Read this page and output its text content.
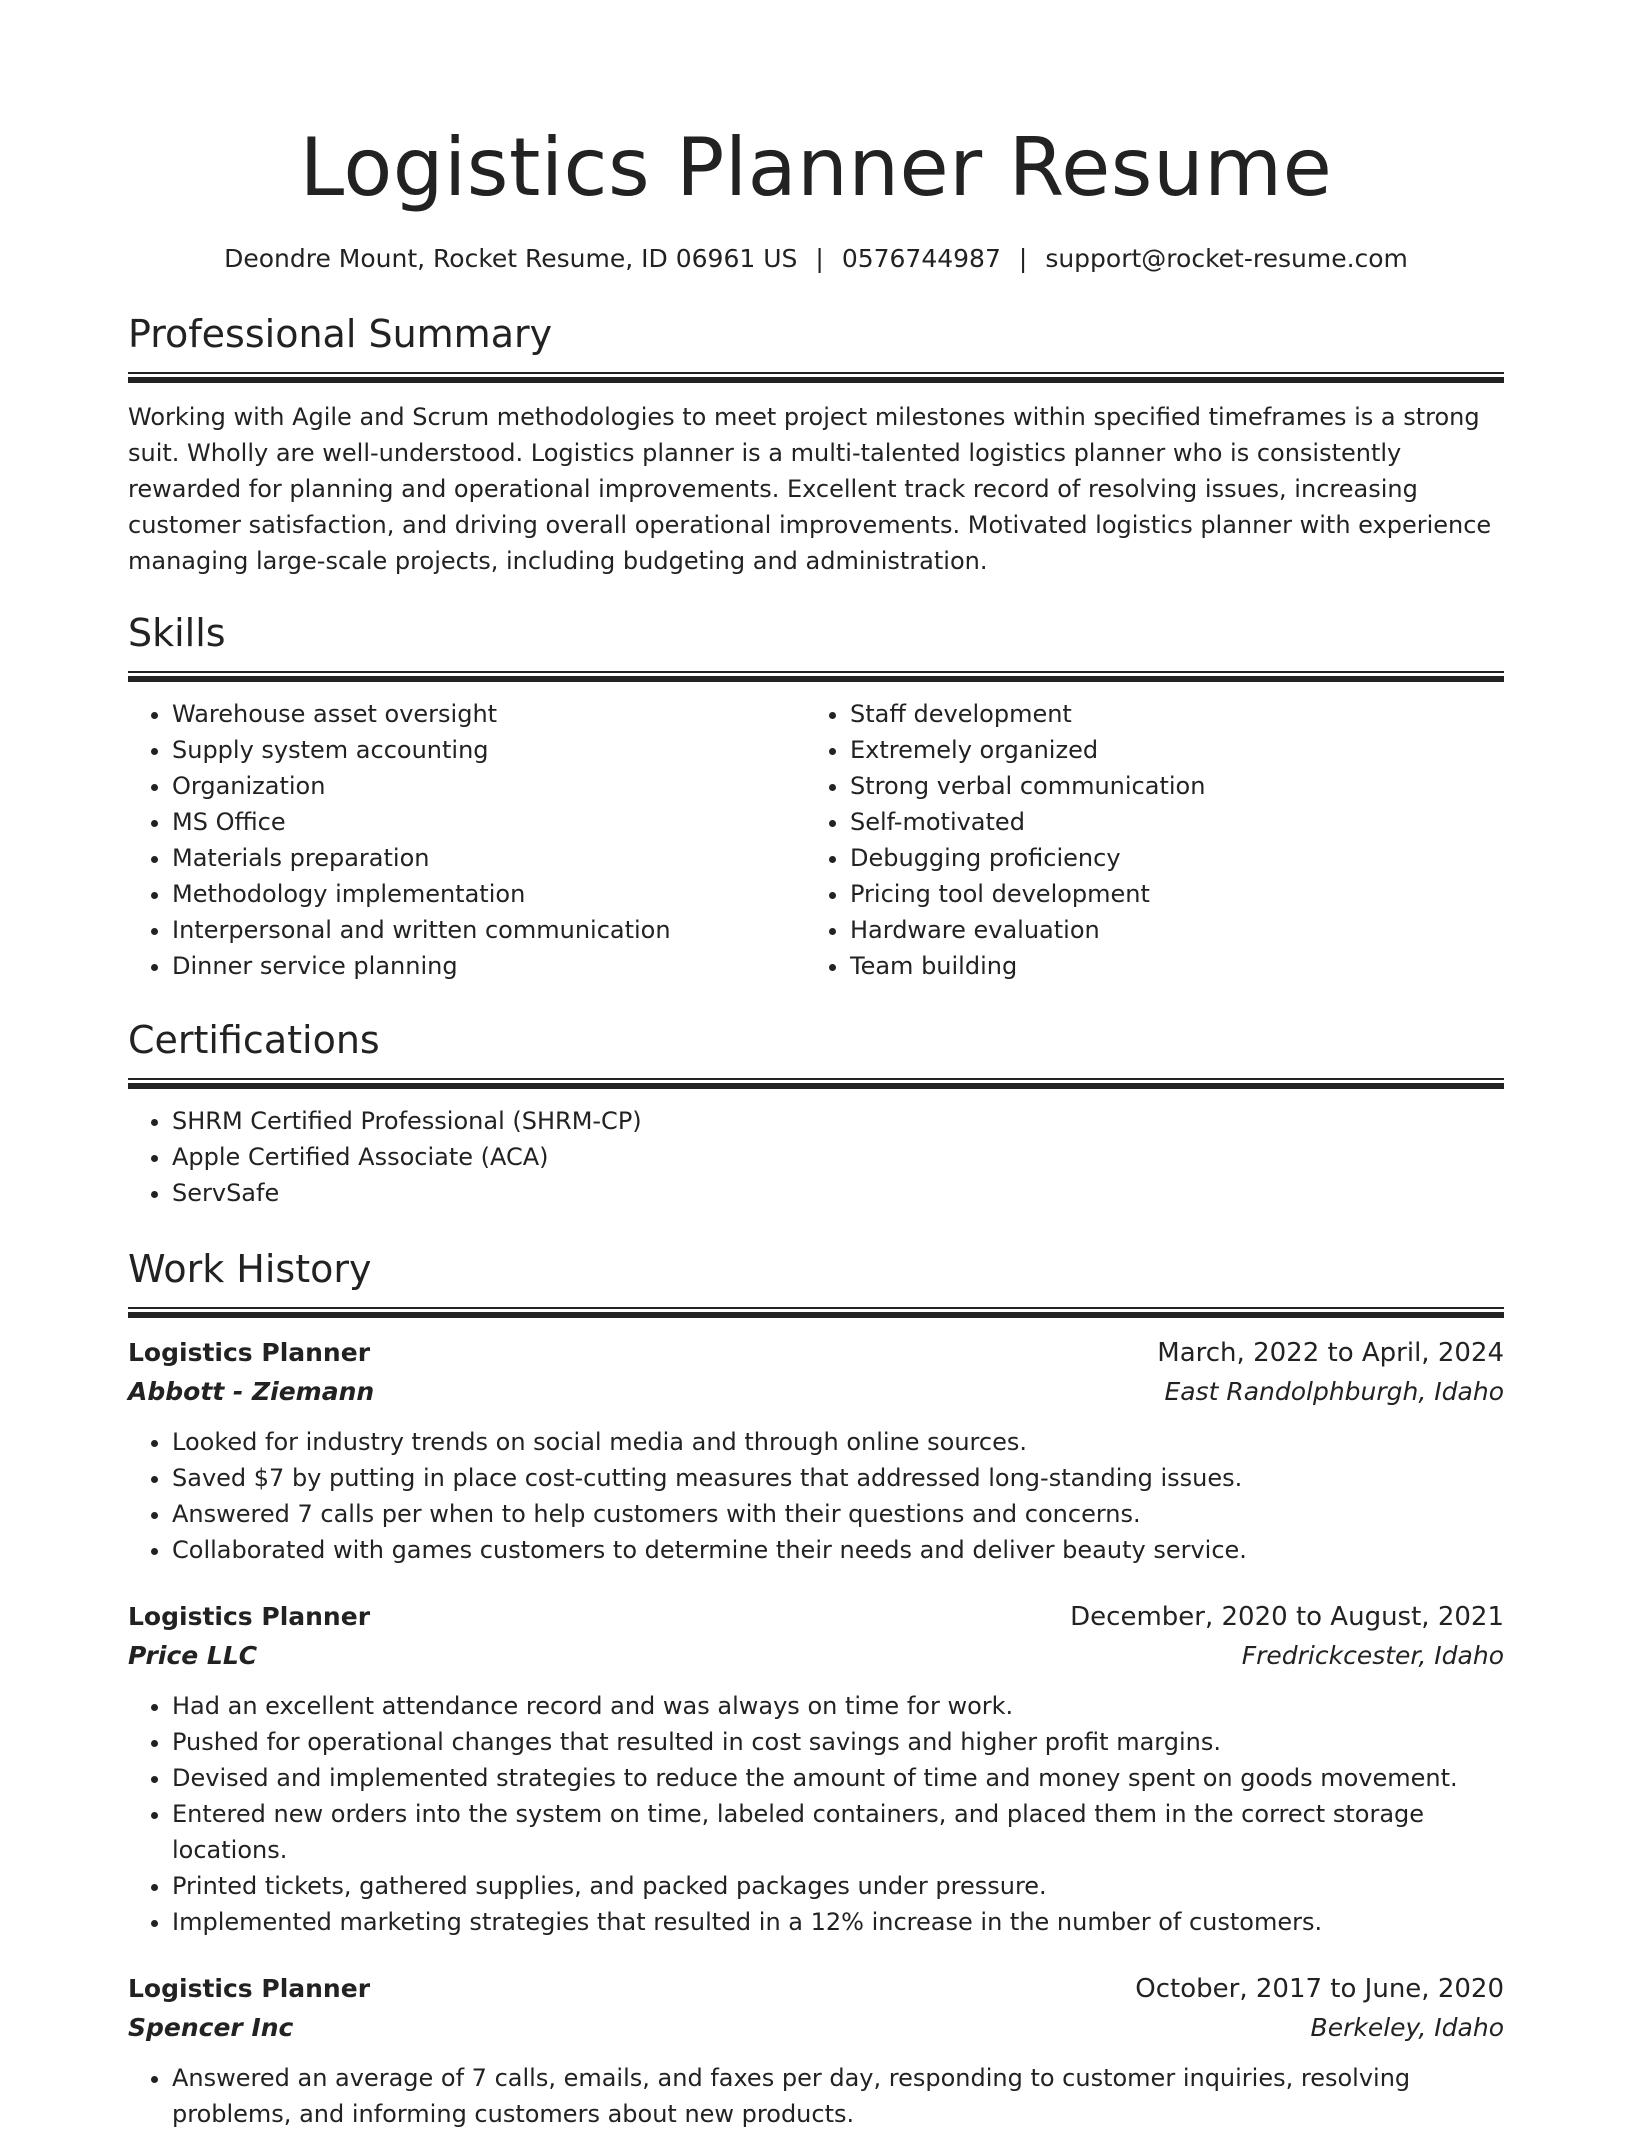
Logistics Planner Resume
Deondre Mount, Rocket Resume, ID 06961 US | 0576744987 | support@rocket-resume.com
Professional Summary

Working with Agile and Scrum methodologies to meet project milestones within specified timeframes is a strong suit. Wholly are well-understood. Logistics planner is a multi-talented logistics planner who is consistently rewarded for planning and operational improvements. Excellent track record of resolving issues, increasing customer satisfaction, and driving overall operational improvements. Motivated logistics planner with experience managing large-scale projects, including budgeting and administration.

Skills
• Warehouse asset oversight
• Supply system accounting
• Organization
• MS Office
• Materials preparation
• Methodology implementation
• Interpersonal and written communication
• Dinner service planning
• Staff development
• Extremely organized
• Strong verbal communication
• Self-motivated
• Debugging proficiency
• Pricing tool development
• Hardware evaluation
• Team building
Certifications
• SHRM Certified Professional (SHRM-CP)
• Apple Certified Associate (ACA)
• ServSafe
Work History
Logistics Planner	March, 2022 to April, 2024
Abbott - Ziemann	East Randolphburgh, Idaho
• Looked for industry trends on social media and through online sources.
• Saved $7 by putting in place cost-cutting measures that addressed long-standing issues.
• Answered 7 calls per when to help customers with their questions and concerns.
• Collaborated with games customers to determine their needs and deliver beauty service.
Logistics Planner	December, 2020 to August, 2021
Price LLC	Fredrickcester, Idaho
• Had an excellent attendance record and was always on time for work.
• Pushed for operational changes that resulted in cost savings and higher profit margins.
• Devised and implemented strategies to reduce the amount of time and money spent on goods movement.
• Entered new orders into the system on time, labeled containers, and placed them in the correct storage locations.
• Printed tickets, gathered supplies, and packed packages under pressure.
• Implemented marketing strategies that resulted in a 12% increase in the number of customers.
Logistics Planner	October, 2017 to June, 2020
Spencer Inc	Berkeley, Idaho
• Answered an average of 7 calls, emails, and faxes per day, responding to customer inquiries, resolving problems, and informing customers about new products.
